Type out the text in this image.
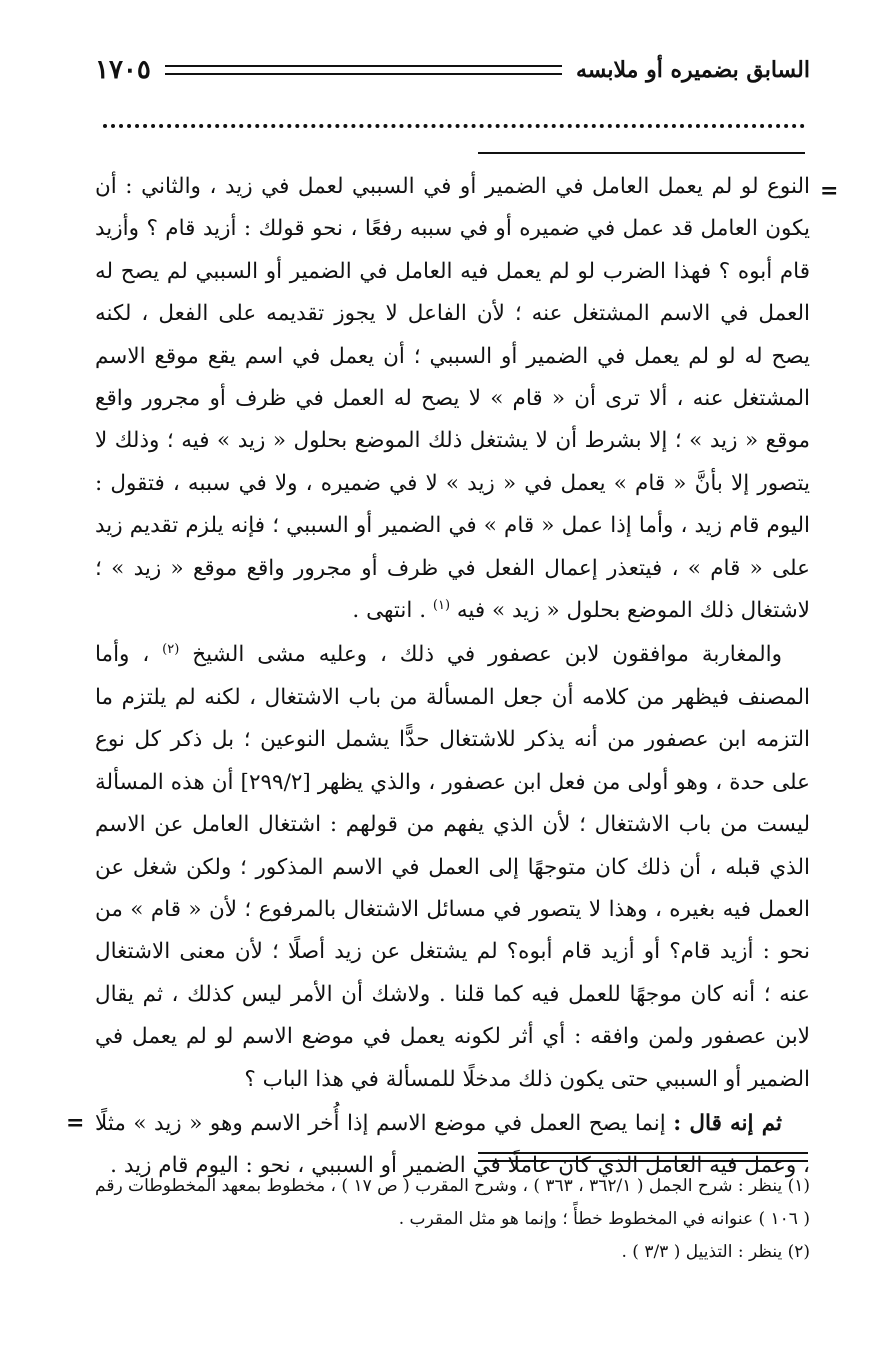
السابق بضميره أو ملابسه
١٧٠٥
=

النوع لو لم يعمل العامل في الضمير أو في السببي لعمل في زيد ، والثاني : أن يكون العامل قد عمل في ضميره أو في سببه رفعًا ، نحو قولك : أزيد قام ؟ وأزيد قام أبوه ؟ فهذا الضرب لو لم يعمل فيه العامل في الضمير أو السببي لم يصح له العمل في الاسم المشتغل عنه ؛ لأن الفاعل لا يجوز تقديمه على الفعل ، لكنه يصح له لو لم يعمل في الضمير أو السببي ؛ أن يعمل في اسم يقع موقع الاسم المشتغل عنه ، ألا ترى أن « قام » لا يصح له العمل في ظرف أو مجرور واقع موقع « زيد » ؛ إلا بشرط أن لا يشتغل ذلك الموضع بحلول « زيد » فيه ؛ وذلك لا يتصور إلا بأنَّ « قام » يعمل في « زيد » لا في ضميره ، ولا في سببه ، فتقول : اليوم قام زيد ، وأما إذا عمل « قام » في الضمير أو السببي ؛ فإنه يلزم تقديم زيد على « قام » ، فيتعذر إعمال الفعل في ظرف أو مجرور واقع موقع « زيد » ؛ لاشتغال ذلك الموضع بحلول « زيد » فيه $^{(١)}$ . انتهى .

والمغاربة موافقون لابن عصفور في ذلك ، وعليه مشى الشيخ $^{(٢)}$ ، وأما المصنف فيظهر من كلامه أن جعل المسألة من باب الاشتغال ، لكنه لم يلتزم ما التزمه ابن عصفور من أنه يذكر للاشتغال حدًّا يشمل النوعين ؛ بل ذكر كل نوع على حدة ، وهو أولى من فعل ابن عصفور ، والذي يظهر [٢٩٩/٢] أن هذه المسألة ليست من باب الاشتغال ؛ لأن الذي يفهم من قولهم : اشتغال العامل عن الاسم الذي قبله ، أن ذلك كان متوجهًا إلى العمل في الاسم المذكور ؛ ولكن شغل عن العمل فيه بغيره ، وهذا لا يتصور في مسائل الاشتغال بالمرفوع ؛ لأن « قام » من نحو : أزيد قام؟ أو أزيد قام أبوه؟ لم يشتغل عن زيد أصلًا ؛ لأن معنى الاشتغال عنه ؛ أنه كان موجهًا للعمل فيه كما قلنا . ولاشك أن الأمر ليس كذلك ، ثم يقال لابن عصفور ولمن وافقه : أي أثر لكونه يعمل في موضع الاسم لو لم يعمل في الضمير أو السببي حتى يكون ذلك مدخلًا للمسألة في هذا الباب ؟

ثم إنه قال : إنما يصح العمل في موضع الاسم إذا أُخر الاسم وهو « زيد » مثلًا ، وعمل فيه العامل الذي كان عاملًا في الضمير أو السببي ، نحو : اليوم قام زيد .

=

(١) ينظر : شرح الجمل ( ٣٦٢/١ ، ٣٦٣ ) ، وشرح المقرب ( ص ١٧ ) ، مخطوط بمعهد المخطوطات رقم ( ١٠٦ ) عنوانه في المخطوط خطأً ؛ وإنما هو مثل المقرب .

(٢) ينظر : التذييل ( ٣/٣ ) .
